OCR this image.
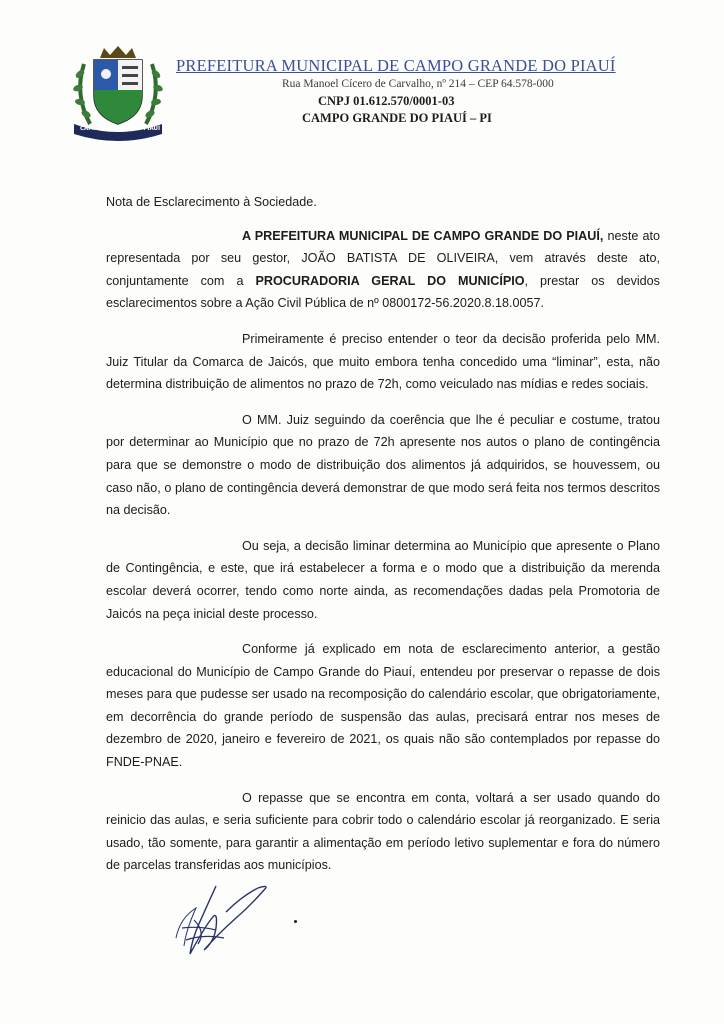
CAMPO GRANDE DO PIAUÍ
PREFEITURA MUNICIPAL DE CAMPO GRANDE DO PIAUÍ
Rua Manoel Cícero de Carvalho, nº 214 – CEP 64.578-000
CNPJ 01.612.570/0001-03
CAMPO GRANDE DO PIAUÍ – PI

Nota de Esclarecimento à Sociedade.

A PREFEITURA MUNICIPAL DE CAMPO GRANDE DO PIAUÍ, neste ato representada por seu gestor, JOÃO BATISTA DE OLIVEIRA, vem através deste ato, conjuntamente com a PROCURADORIA GERAL DO MUNICÍPIO, prestar os devidos esclarecimentos sobre a Ação Civil Pública de nº 0800172-56.2020.8.18.0057.

Primeiramente é preciso entender o teor da decisão proferida pelo MM. Juiz Titular da Comarca de Jaicós, que muito embora tenha concedido uma “liminar”, esta, não determina distribuição de alimentos no prazo de 72h, como veiculado nas mídias e redes sociais.

O MM. Juiz seguindo da coerência que lhe é peculiar e costume, tratou por determinar ao Município que no prazo de 72h apresente nos autos o plano de contingência para que se demonstre o modo de distribuição dos alimentos já adquiridos, se houvessem, ou caso não, o plano de contingência deverá demonstrar de que modo será feita nos termos descritos na decisão.

Ou seja, a decisão liminar determina ao Município que apresente o Plano de Contingência, e este, que irá estabelecer a forma e o modo que a distribuição da merenda escolar deverá ocorrer, tendo como norte ainda, as recomendações dadas pela Promotoria de Jaicós na peça inicial deste processo.

Conforme já explicado em nota de esclarecimento anterior, a gestão educacional do Município de Campo Grande do Piauí, entendeu por preservar o repasse de dois meses para que pudesse ser usado na recomposição do calendário escolar, que obrigatoriamente, em decorrência do grande período de suspensão das aulas, precisará entrar nos meses de dezembro de 2020, janeiro e fevereiro de 2021, os quais não são contemplados por repasse do FNDE-PNAE.

O repasse que se encontra em conta, voltará a ser usado quando do reinicio das aulas, e seria suficiente para cobrir todo o calendário escolar já reorganizado. E seria usado, tão somente, para garantir a alimentação em período letivo suplementar e fora do número de parcelas transferidas aos municípios.
